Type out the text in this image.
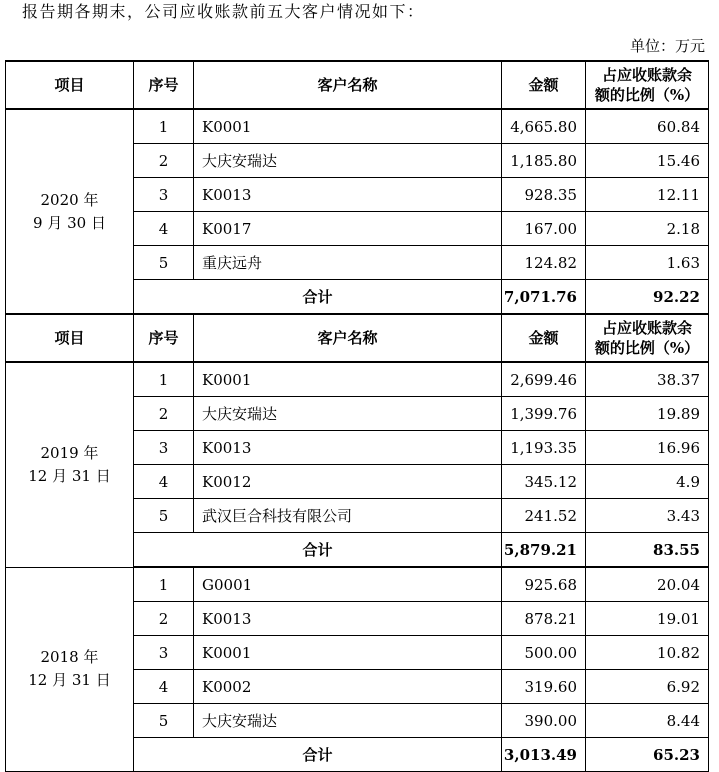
报告期各期末，公司应收账款前五大客户情况如下：
单位：万元
项目	序号	客户名称	金额	占应收账款余
额的比例（%）

2020 年
9 月 30 日	1	K0001	4,665.80	60.84
	2	大庆安瑞达	1,185.80	15.46
	3	K0013	928.35	12.11
	4	K0017	167.00	2.18
	5	重庆远舟	124.82	1.63
	合计		7,071.76	92.22
项目	序号	客户名称	金额	占应收账款余
额的比例（%）

2019 年
12 月 31 日	1	K0001	2,699.46	38.37
	2	大庆安瑞达	1,399.76	19.89
	3	K0013	1,193.35	16.96
	4	K0012	345.12	4.9
	5	武汉巨合科技有限公司	241.52	3.43
	合计		5,879.21	83.55

2018 年
12 月 31 日	1	G0001	925.68	20.04
	2	K0013	878.21	19.01
	3	K0001	500.00	10.82
	4	K0002	319.60	6.92
	5	大庆安瑞达	390.00	8.44
	合计		3,013.49	65.23
